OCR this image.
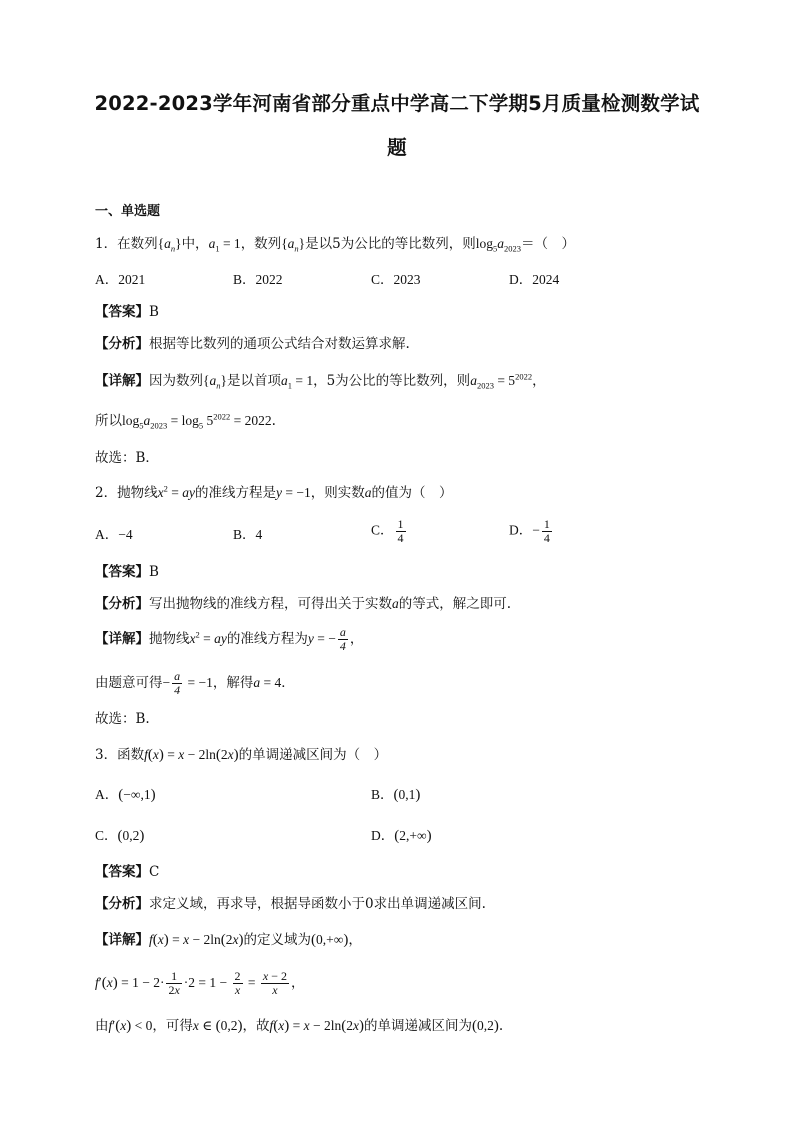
2022-2023学年河南省部分重点中学高二下学期5月质量检测数学试
题
一、单选题
1．在数列$\{a_n\}$中，$a_1 = 1$，数列$\{a_n\}$是以5为公比的等比数列，则$\log_5a_{2023}=$（　）
A．2021	B．2022	C．2023	D．2024
【答案】B
【分析】根据等比数列的通项公式结合对数运算求解.
【详解】因为数列$\{a_n\}$是以首项$a_1 = 1$，5为公比的等比数列，则$a_{2023} = 5^{2022}$，
所以$\log_5a_{2023} = \log_5 5^{2022} = 2022$.
故选：B．
2．抛物线$x^2$ = ay的准线方程是y = −1，则实数a的值为（　）
A．−4	B．4	C． $\frac{1}{4}$	D．− $\frac{1}{4}$
【答案】B
【分析】写出抛物线的准线方程，可得出关于实数a的等式，解之即可.
【详解】抛物线$x^2$ = ay的准线方程为y = − $\frac{a}{4}$ ，
由题意可得− $\frac{a}{4} = -1$，解得a = 4．
故选：B.
3．函数f(x) = x − 2ln(2x)的单调递减区间为（　）
A．(−∞,1)	B．(0,1)
C．(0,2)	D．(2,+∞)
【答案】C
【分析】求定义域，再求导，根据导函数小于0求出单调递减区间.
【详解】f(x) = x − 2ln(2x)的定义域为(0,+∞)，
$f'(x) = 1 - 2\cdot \frac{1}{2x} \cdot 2 = 1 - \frac{2}{x} = \frac{x - 2}{x}$ ，
由f′(x) < 0，可得x ∈ (0,2)，故f(x) = x − 2ln(2x)的单调递减区间为(0,2).
